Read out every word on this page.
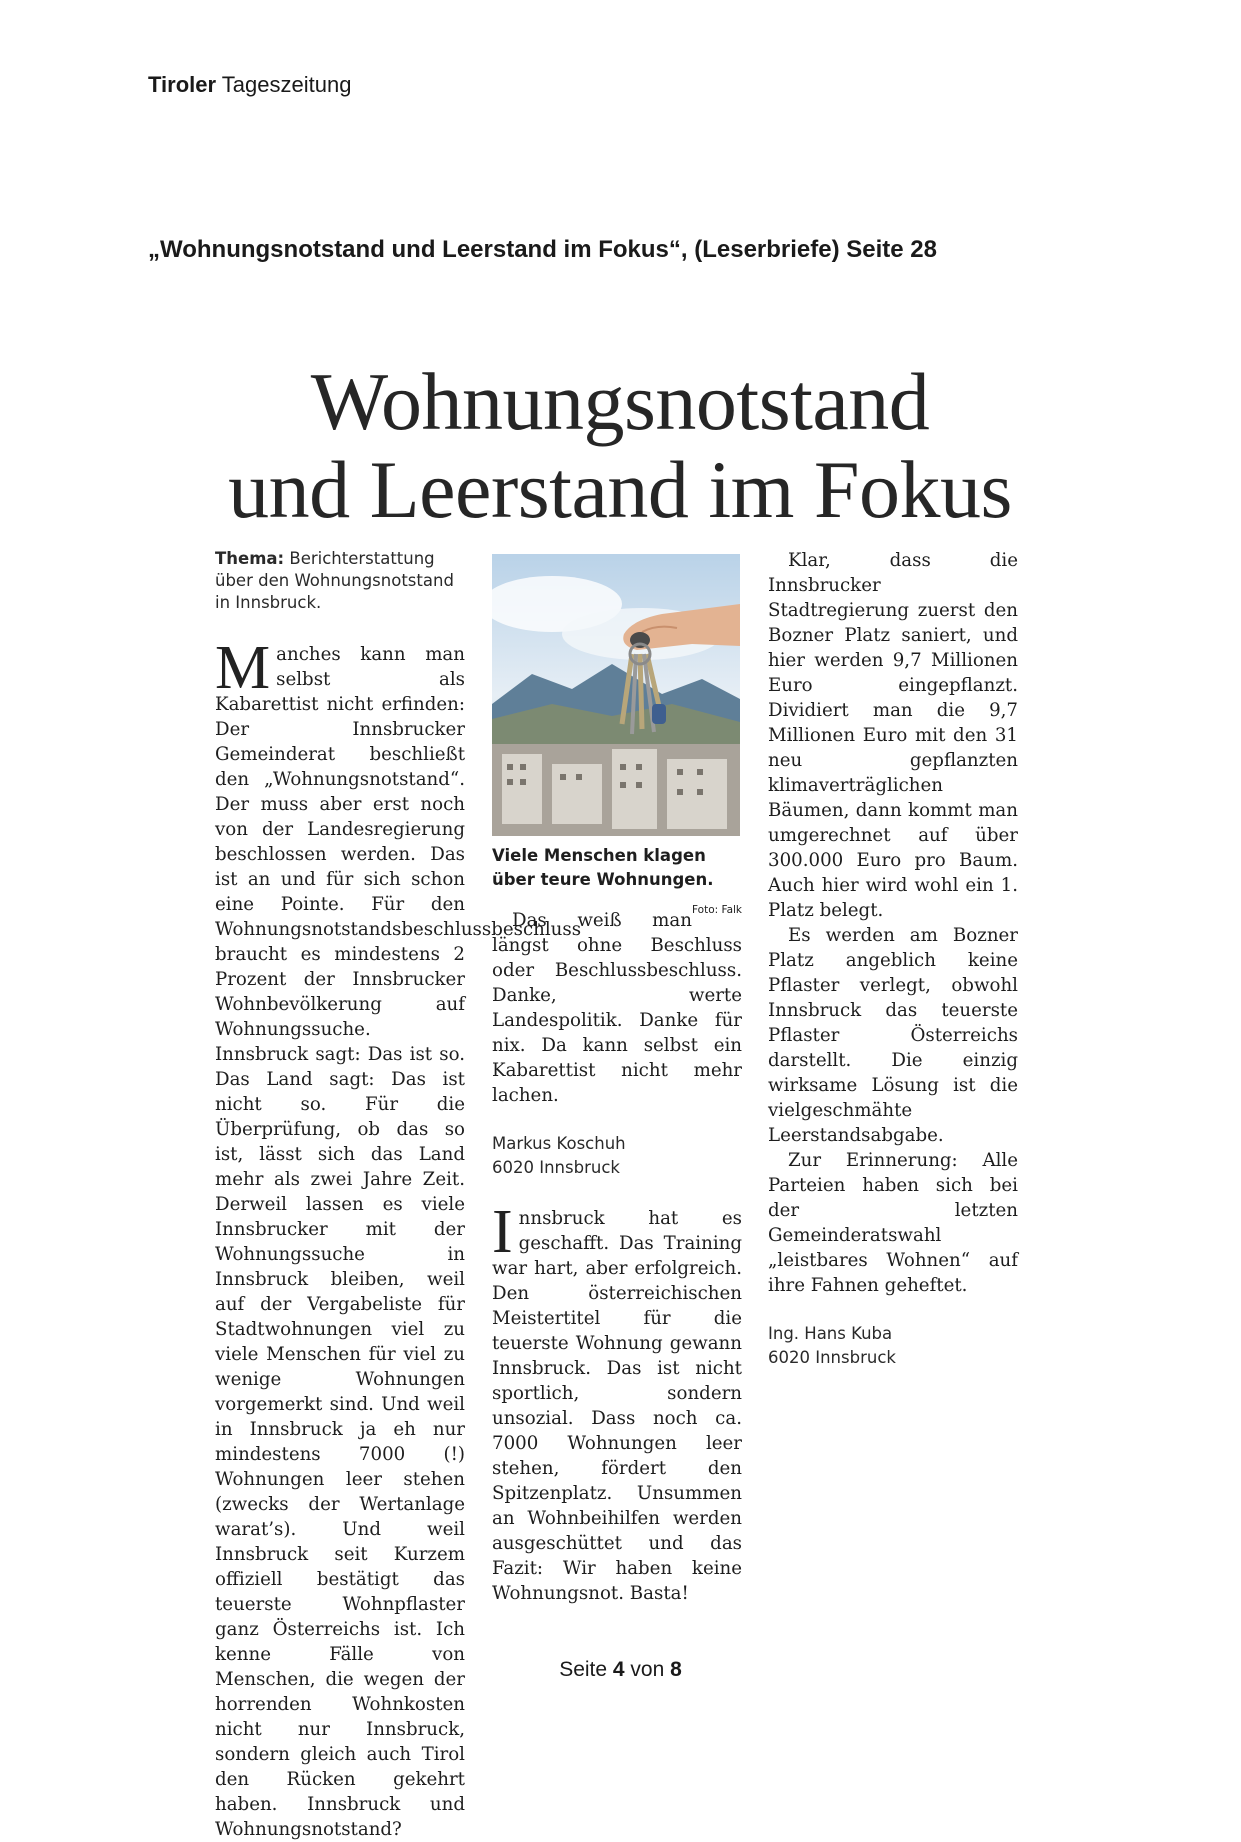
Tiroler Tageszeitung
„Wohnungsnotstand und Leerstand im Fokus“, (Leserbriefe) Seite 28
Wohnungsnotstand
und Leerstand im Fokus

Thema: Berichterstattung über den Wohnungsnotstand in Innsbruck.

Manches kann man selbst als Kabarettist nicht erfinden: Der Innsbrucker Gemeinderat beschließt den „Wohnungsnotstand“. Der muss aber erst noch von der Landesregierung beschlossen werden. Das ist an und für sich schon eine Pointe. Für den Wohnungsnotstandsbeschlussbeschluss braucht es mindestens 2 Prozent der Innsbrucker Wohnbevölkerung auf Wohnungssuche. Innsbruck sagt: Das ist so. Das Land sagt: Das ist nicht so. Für die Überprüfung, ob das so ist, lässt sich das Land mehr als zwei Jahre Zeit. Derweil lassen es viele Innsbrucker mit der Wohnungssuche in Innsbruck bleiben, weil auf der Vergabeliste für Stadtwohnungen viel zu viele Menschen für viel zu wenige Wohnungen vorgemerkt sind. Und weil in Innsbruck ja eh nur mindestens 7000 (!) Wohnungen leer stehen (zwecks der Wertanlage warat’s). Und weil Innsbruck seit Kurzem offiziell bestätigt das teuerste Wohnpflaster ganz Österreichs ist. Ich kenne Fälle von Menschen, die wegen der horrenden Wohnkosten nicht nur Innsbruck, sondern gleich auch Tirol den Rücken gekehrt haben. Innsbruck und Wohnungsnotstand?

Viele Menschen klagen über teure Wohnungen.
Foto: Falk

Das weiß man längst ohne Beschluss oder Beschlussbeschluss. Danke, werte Landespolitik. Danke für nix. Da kann selbst ein Kabarettist nicht mehr lachen.

Markus Koschuh

6020 Innsbruck

Innsbruck hat es geschafft. Das Training war hart, aber erfolgreich. Den österreichischen Meistertitel für die teuerste Wohnung gewann Innsbruck. Das ist nicht sportlich, sondern unsozial. Dass noch ca. 7000 Wohnungen leer stehen, fördert den Spitzenplatz. Unsummen an Wohnbeihilfen werden ausgeschüttet und das Fazit: Wir haben keine Wohnungsnot. Basta!

Klar, dass die Innsbrucker Stadtregierung zuerst den Bozner Platz saniert, und hier werden 9,7 Millionen Euro eingepflanzt. Dividiert man die 9,7 Millionen Euro mit den 31 neu gepflanzten klimaverträglichen Bäumen, dann kommt man umgerechnet auf über 300.000 Euro pro Baum. Auch hier wird wohl ein 1. Platz belegt.

Es werden am Bozner Platz angeblich keine Pflaster verlegt, obwohl Innsbruck das teuerste Pflaster Österreichs darstellt. Die einzig wirksame Lösung ist die vielgeschmähte Leerstandsabgabe.

Zur Erinnerung: Alle Parteien haben sich bei der letzten Gemeinderatswahl „leistbares Wohnen“ auf ihre Fahnen geheftet.

Ing. Hans Kuba

6020 Innsbruck

Seite 4 von 8
